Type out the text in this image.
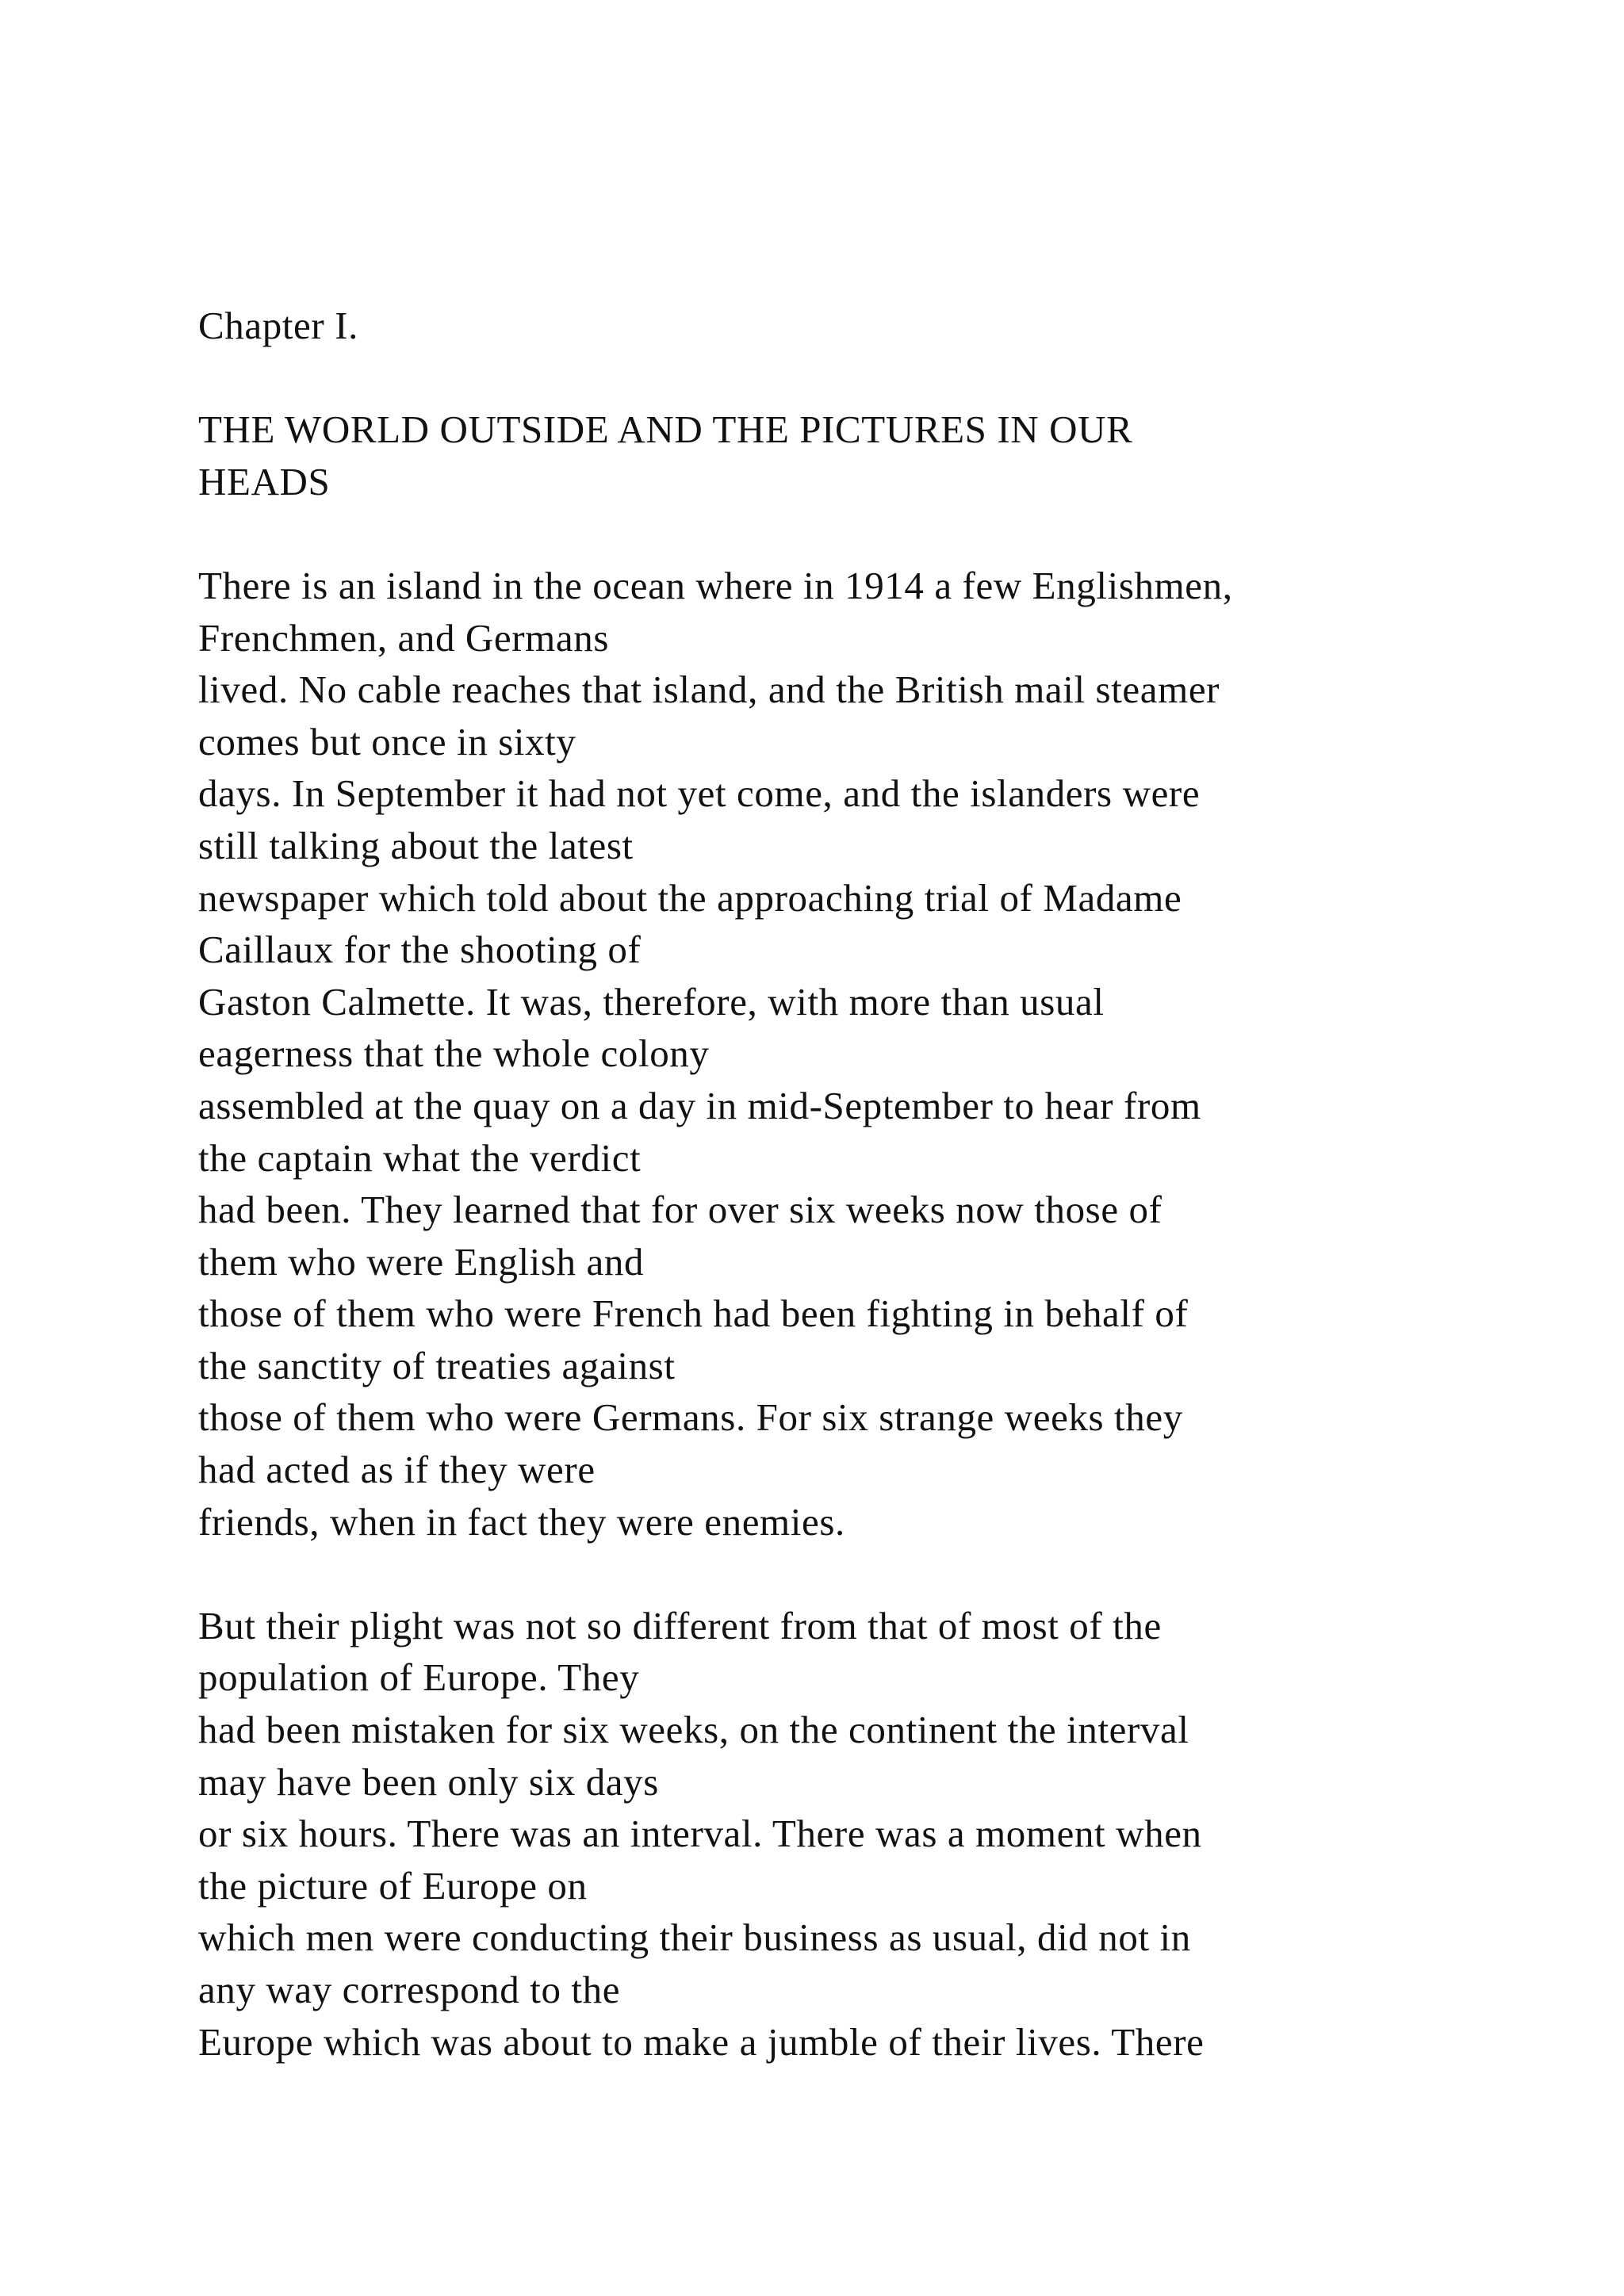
Chapter I.
THE WORLD OUTSIDE AND THE PICTURES IN OUR
HEADS
There is an island in the ocean where in 1914 a few Englishmen,
Frenchmen, and Germans
lived. No cable reaches that island, and the British mail steamer
comes but once in sixty
days. In September it had not yet come, and the islanders were
still talking about the latest
newspaper which told about the approaching trial of Madame
Caillaux for the shooting of
Gaston Calmette. It was, therefore, with more than usual
eagerness that the whole colony
assembled at the quay on a day in mid-September to hear from
the captain what the verdict
had been. They learned that for over six weeks now those of
them who were English and
those of them who were French had been fighting in behalf of
the sanctity of treaties against
those of them who were Germans. For six strange weeks they
had acted as if they were
friends, when in fact they were enemies.
But their plight was not so different from that of most of the
population of Europe. They
had been mistaken for six weeks, on the continent the interval
may have been only six days
or six hours. There was an interval. There was a moment when
the picture of Europe on
which men were conducting their business as usual, did not in
any way correspond to the
Europe which was about to make a jumble of their lives. There
